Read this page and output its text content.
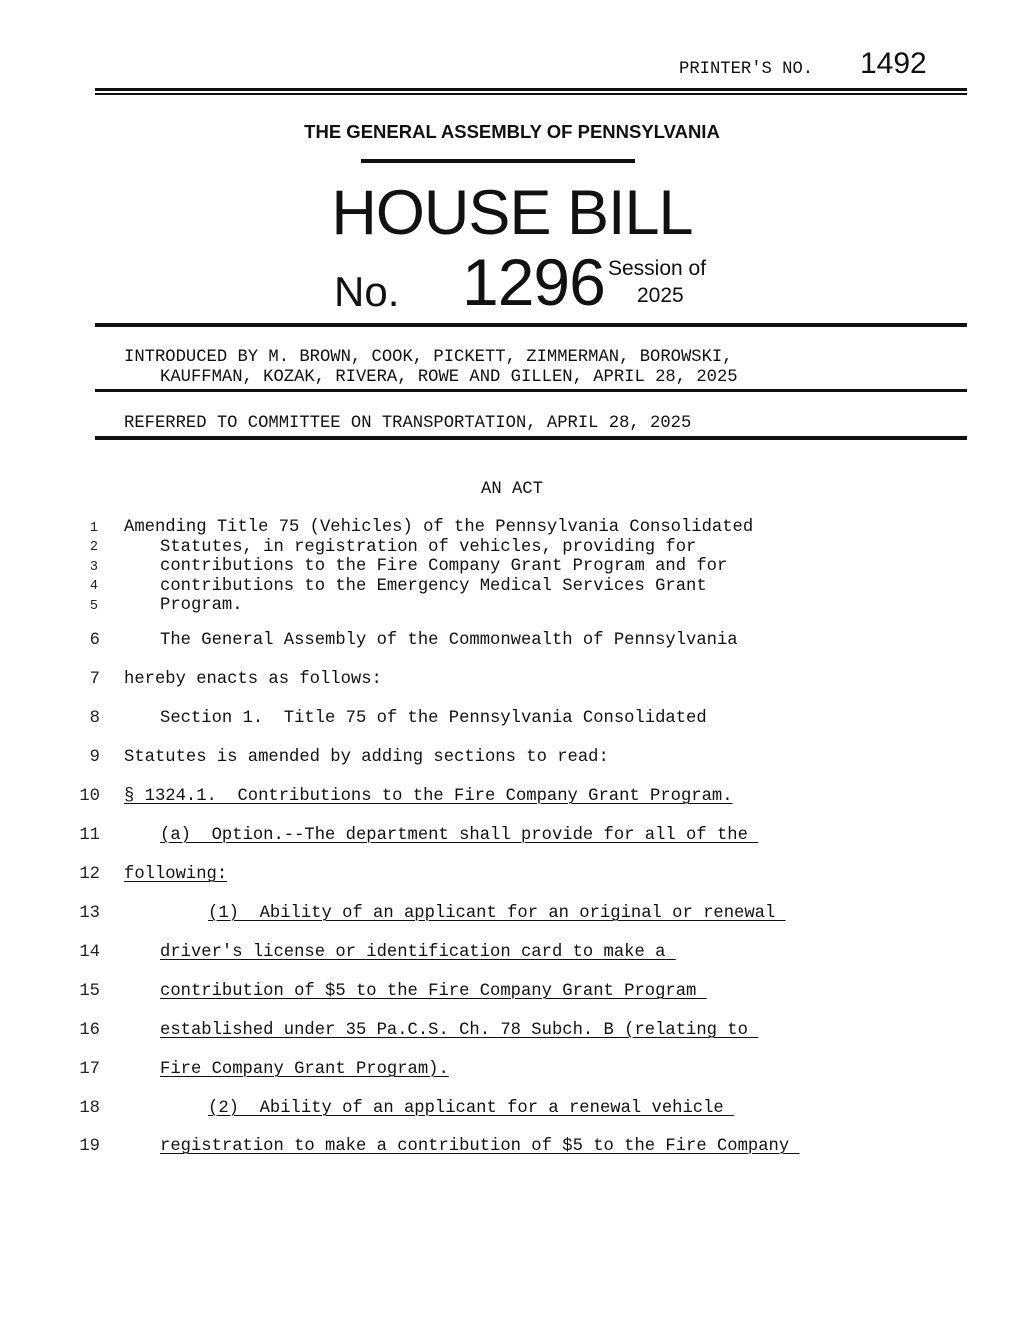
PRINTER'S NO. 1492
THE GENERAL ASSEMBLY OF PENNSYLVANIA
HOUSE BILL
No. 1296 Session of
2025
INTRODUCED BY M. BROWN, COOK, PICKETT, ZIMMERMAN, BOROWSKI,
KAUFFMAN, KOZAK, RIVERA, ROWE AND GILLEN, APRIL 28, 2025
REFERRED TO COMMITTEE ON TRANSPORTATION, APRIL 28, 2025
AN ACT
1 Amending Title 75 (Vehicles) of the Pennsylvania Consolidated
2	Statutes, in registration of vehicles, providing for
3	contributions to the Fire Company Grant Program and for
4	contributions to the Emergency Medical Services Grant
5	Program.
6	The General Assembly of the Commonwealth of Pennsylvania
7 hereby enacts as follows:
8	Section 1.  Title 75 of the Pennsylvania Consolidated
9 Statutes is amended by adding sections to read:
10 § 1324.1.  Contributions to the Fire Company Grant Program.
11	(a)  Option.--The department shall provide for all of the
12 following:
13	(1)  Ability of an applicant for an original or renewal
14	driver's license or identification card to make a
15	contribution of $5 to the Fire Company Grant Program
16	established under 35 Pa.C.S. Ch. 78 Subch. B (relating to
17	Fire Company Grant Program).
18	(2)  Ability of an applicant for a renewal vehicle
19	registration to make a contribution of $5 to the Fire Company
